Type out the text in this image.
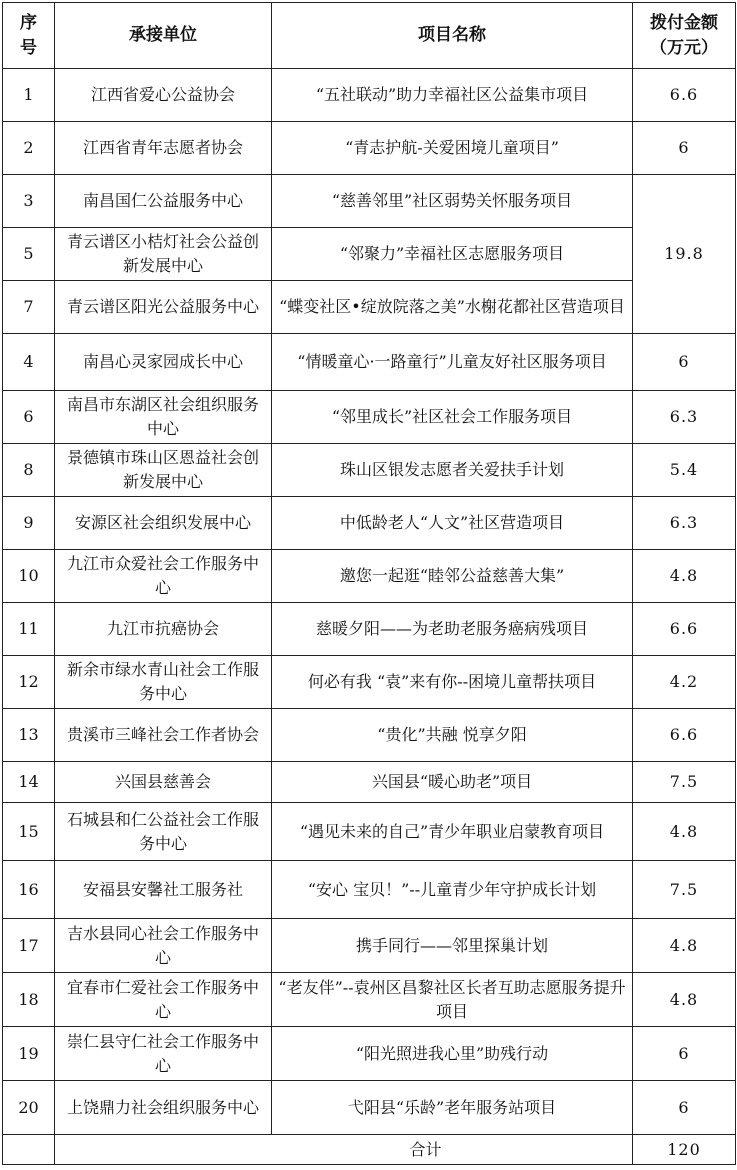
序号	承接单位	项目名称	拨付金额（万元）
1	江西省爱心公益协会	“五社联动”助力幸福社区公益集市项目	6.6
2	江西省青年志愿者协会	“青志护航-关爱困境儿童项目”	6
3	南昌国仁公益服务中心	“慈善邻里”社区弱势关怀服务项目	19.8
5	青云谱区小桔灯社会公益创新发展中心	“邻聚力”幸福社区志愿服务项目	
7	青云谱区阳光公益服务中心	“蝶变社区•绽放院落之美”水榭花都社区营造项目	
4	南昌心灵家园成长中心	“情暖童心·一路童行”儿童友好社区服务项目	6
6	南昌市东湖区社会组织服务中心	“邻里成长”社区社会工作服务项目	6.3
8	景德镇市珠山区恩益社会创新发展中心	珠山区银发志愿者关爱扶手计划	5.4
9	安源区社会组织发展中心	中低龄老人“人文”社区营造项目	6.3
10	九江市众爱社会工作服务中心	邀您一起逛“睦邻公益慈善大集”	4.8
11	九江市抗癌协会	慈暖夕阳——为老助老服务癌病残项目	6.6
12	新余市绿水青山社会工作服务中心	何必有我 “袁”来有你--困境儿童帮扶项目	4.2
13	贵溪市三峰社会工作者协会	“贵化”共融 悦享夕阳	6.6
14	兴国县慈善会	兴国县“暖心助老”项目	7.5
15	石城县和仁公益社会工作服务中心	“遇见未来的自己”青少年职业启蒙教育项目	4.8
16	安福县安馨社工服务社	“安心 宝贝！”--儿童青少年守护成长计划	7.5
17	吉水县同心社会工作服务中心	携手同行——邻里探巢计划	4.8
18	宜春市仁爱社会工作服务中心	“老友伴”--袁州区昌黎社区长者互助志愿服务提升项目	4.8
19	崇仁县守仁社会工作服务中心	“阳光照进我心里”助残行动	6
20	上饶鼎力社会组织服务中心	弋阳县“乐龄”老年服务站项目	6
	合计		120
